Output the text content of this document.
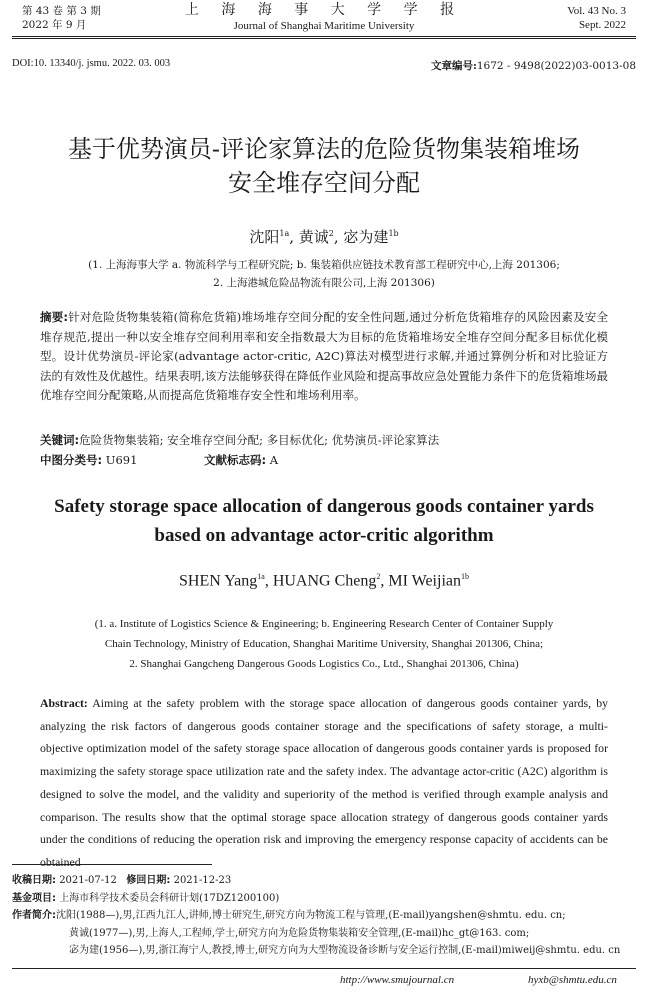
第 43 卷 第 3 期
2022 年 9 月
上 海 海 事 大 学 学 报
Journal of Shanghai Maritime University
Vol. 43 No. 3
Sept. 2022
DOI:10. 13340/j. jsmu. 2022. 03. 003	文章编号:1672 - 9498(2022)03-0013-08
基于优势演员-评论家算法的危险货物集装箱堆场
安全堆存空间分配
沈阳$^{1a}$, 黄诚$^2$, 宓为建$^{1b}$
(1. 上海海事大学 a. 物流科学与工程研究院; b. 集装箱供应链技术教育部工程研究中心,上海 201306;
2. 上海港城危险品物流有限公司,上海 201306)
摘要:针对危险货物集装箱(简称危货箱)堆场堆存空间分配的安全性问题,通过分析危货箱堆存的风险因素及安全堆存规范,提出一种以安全堆存空间利用率和安全指数最大为目标的危货箱堆场安全堆存空间分配多目标优化模型。设计优势演员-评论家(advantage actor-critic, A2C)算法对模型进行求解,并通过算例分析和对比验证方法的有效性及优越性。结果表明,该方法能够获得在降低作业风险和提高事故应急处置能力条件下的危货箱堆场最优堆存空间分配策略,从而提高危货箱堆存安全性和堆场利用率。
关键词:危险货物集装箱; 安全堆存空间分配; 多目标优化; 优势演员-评论家算法
中图分类号: U691	文献标志码: A
Safety storage space allocation of dangerous goods container yards
based on advantage actor-critic algorithm
SHEN Yang$^{1a}$, HUANG Cheng$^2$, MI Weijian$^{1b}$
(1. a. Institute of Logistics Science & Engineering; b. Engineering Research Center of Container Supply
Chain Technology, Ministry of Education, Shanghai Maritime University, Shanghai 201306, China;
2. Shanghai Gangcheng Dangerous Goods Logistics Co., Ltd., Shanghai 201306, China)
Abstract: Aiming at the safety problem with the storage space allocation of dangerous goods container yards, by analyzing the risk factors of dangerous goods container storage and the specifications of safety storage, a multi-objective optimization model of the safety storage space allocation of dangerous goods container yards is proposed for maximizing the safety storage space utilization rate and the safety index. The advantage actor-critic (A2C) algorithm is designed to solve the model, and the validity and superiority of the method is verified through example analysis and comparison. The results show that the optimal storage space allocation strategy of dangerous goods container yards under the conditions of reducing the operation risk and improving the emergency response capacity of accidents can be obtained
收稿日期: 2021-07-12 修回日期: 2021-12-23
基金项目: 上海市科学技术委员会科研计划(17DZ1200100)
作者简介:沈阳(1988—),男,江西九江人,讲师,博士研究生,研究方向为物流工程与管理,(E-mail)yangshen@shmtu. edu. cn;
黄诚(1977—),男,上海人,工程师,学士,研究方向为危险货物集装箱安全管理,(E-mail)hc_gt@163. com;
宓为建(1956—),男,浙江海宁人,教授,博士,研究方向为大型物流设备诊断与安全运行控制,(E-mail)miweij@shmtu. edu. cn
http://www.smujournal.cn	hyxb@shmtu.edu.cn
